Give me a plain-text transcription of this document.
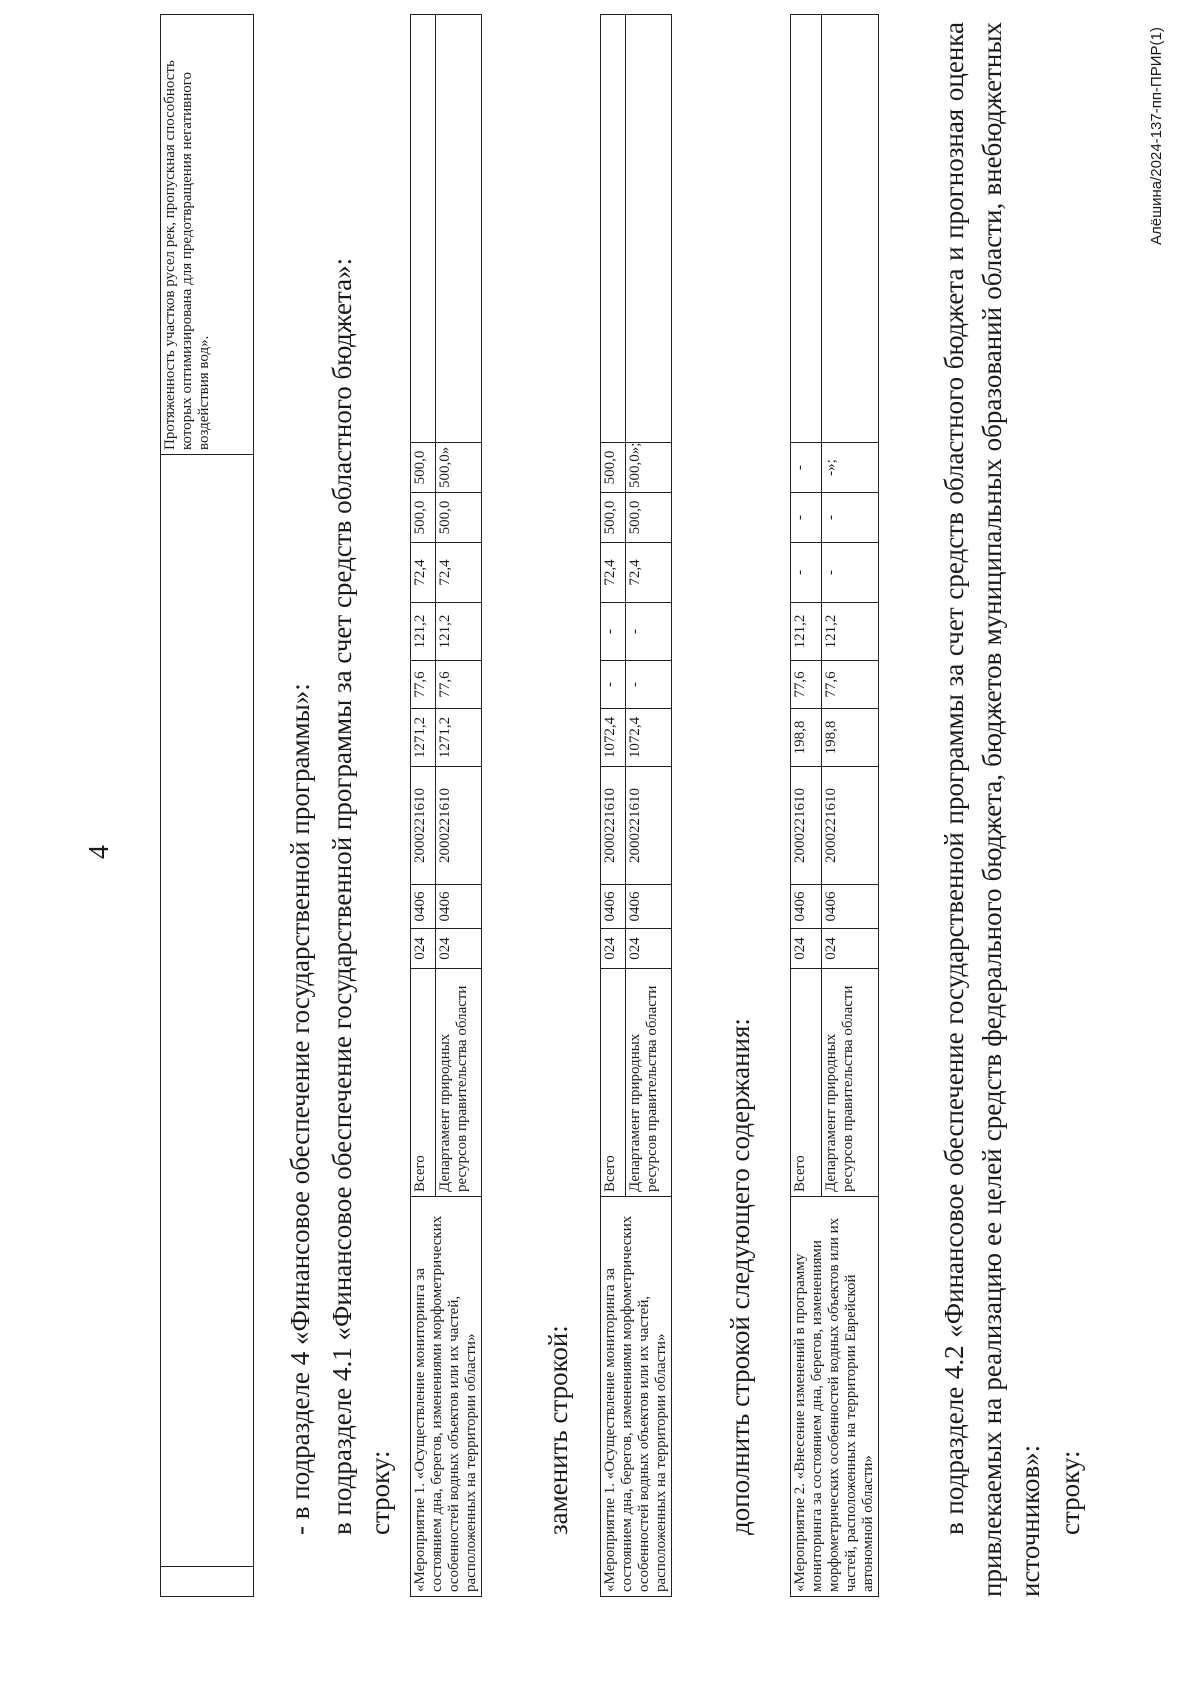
4
		Протяженность участков русел рек, пропускная способность которых оптимизирована для предотвращения негативного воздействия вод».
- в подразделе 4 «Финансовое обеспечение государственной программы»: в подразделе 4.1 «Финансовое обеспечение государственной программы за счет средств областного бюджета»: строку: «Мероприятие 1. «Осуществление мониторинга за состоянием дна, берегов, изменениями морфометрических особенностей водных объектов или их частей, расположенных на территории области»	Всего	024	0406	2000221610	1271,2	77,6	121,2	72,4	500,0	500,0	
	Департамент природных ресурсов правительства области	024	0406	2000221610	1271,2	77,6	121,2	72,4	500,0	500,0»	
заменить строкой: «Мероприятие 1. «Осуществление мониторинга за состоянием дна, берегов, изменениями морфометрических особенностей водных объектов или их частей, расположенных на территории области»	Всего	024	0406	2000221610	1072,4	-	-	72,4	500,0	500,0	
	Департамент природных ресурсов правительства области	024	0406	2000221610	1072,4	-	-	72,4	500,0	500,0»;	
дополнить строкой следующего содержания: «Мероприятие 2. «Внесение изменений в программу мониторинга за состоянием дна, берегов, изменениями морфометрических особенностей водных объектов или их частей, расположенных на территории Еврейской автономной области»	Всего	024	0406	2000221610	198,8	77,6	121,2	-	-	-	
	Департамент природных ресурсов правительства области	024	0406	2000221610	198,8	77,6	121,2	-	-	-»;		в подразделе 4.2 «Финансовое обеспечение государственной программы за счет средств областного бюджета и прогнозная оценка привлекаемых на реализацию ее целей средств федерального бюджета, бюджетов муниципальных образований области, внебюджетных источников»: строку:
Алёшина/2024-137-пп-ПРИР(1)
